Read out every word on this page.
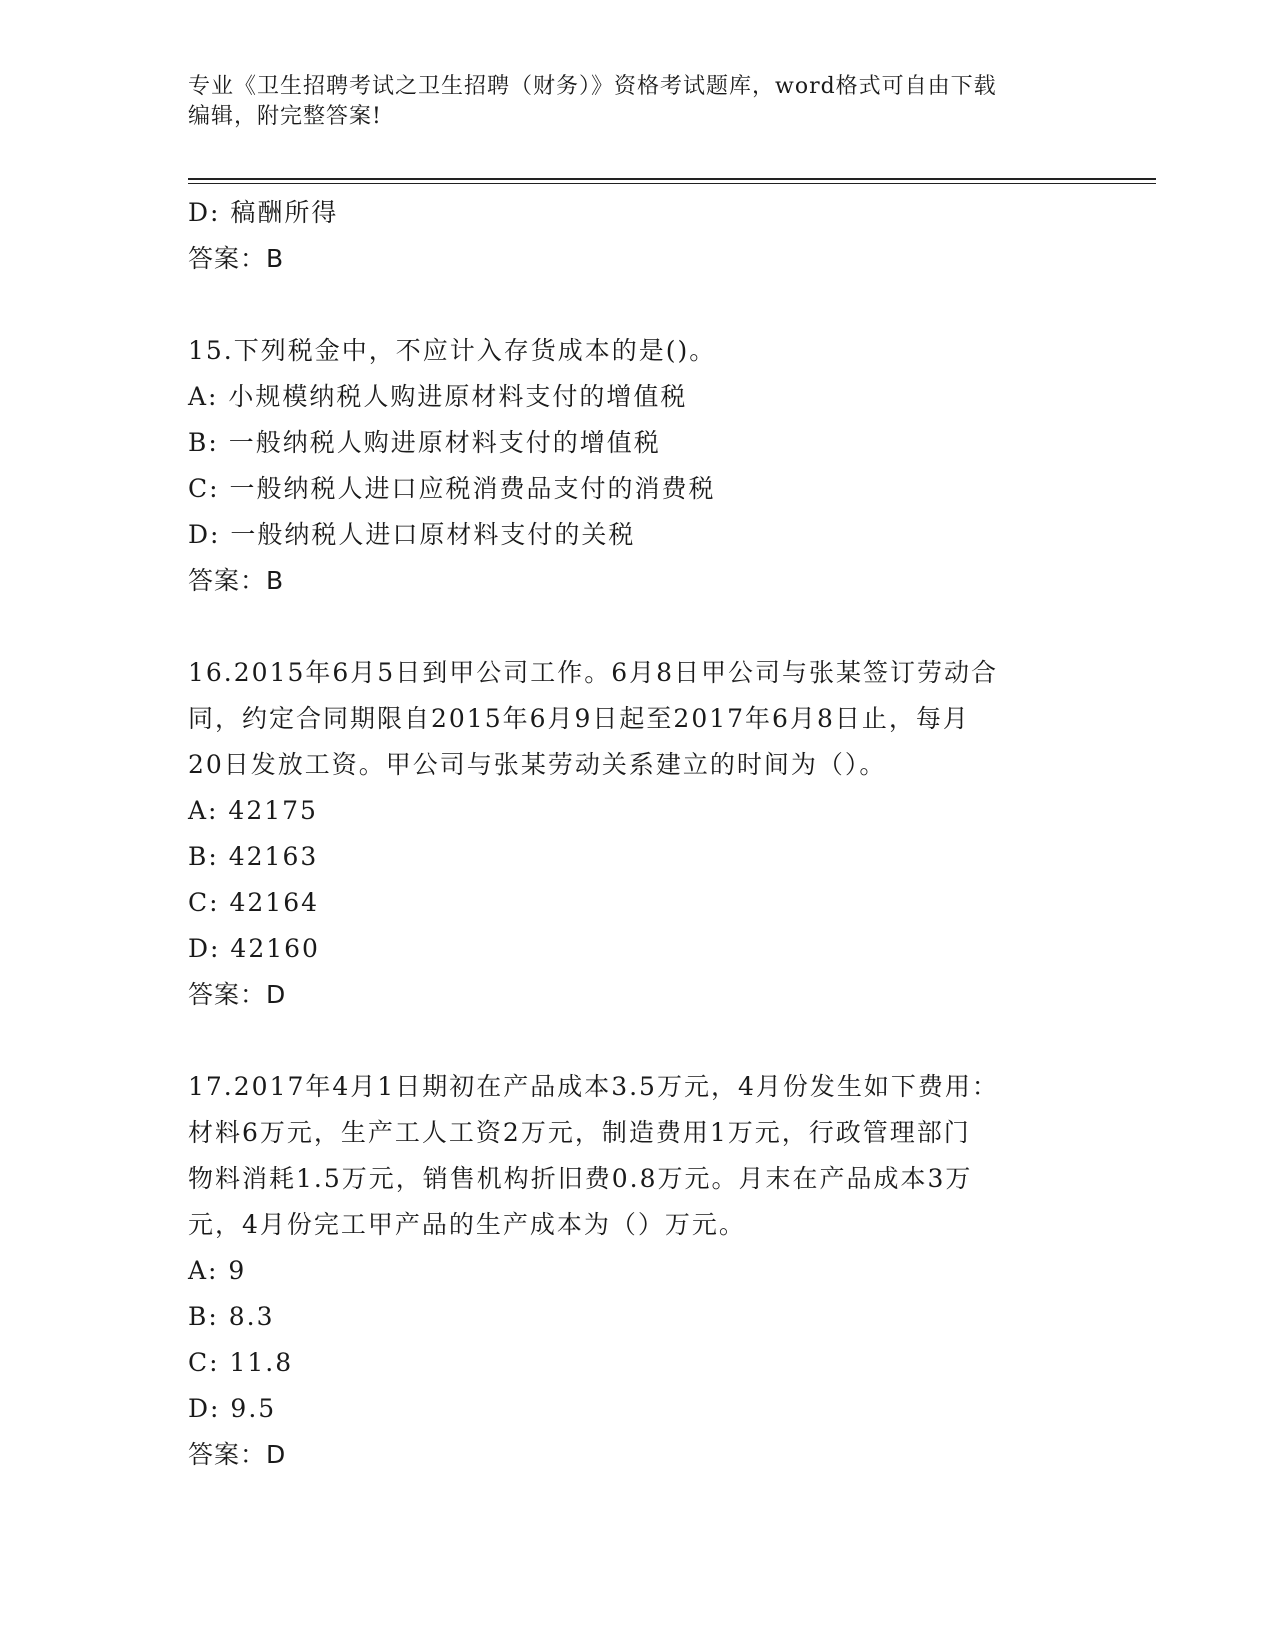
专业《卫生招聘考试之卫生招聘（财务）》资格考试题库，word格式可自由下载
编辑，附完整答案!
D: 稿酬所得
答案：B
15.下列税金中，不应计入存货成本的是()。
A: 小规模纳税人购进原材料支付的增值税
B: 一般纳税人购进原材料支付的增值税
C: 一般纳税人进口应税消费品支付的消费税
D: 一般纳税人进口原材料支付的关税
答案：B
16.2015年6月5日到甲公司工作。6月8日甲公司与张某签订劳动合
同，约定合同期限自2015年6月9日起至2017年6月8日止，每月
20日发放工资。甲公司与张某劳动关系建立的时间为（）。
A: 42175
B: 42163
C: 42164
D: 42160
答案：D
17.2017年4月1日期初在产品成本3.5万元，4月份发生如下费用：
材料6万元，生产工人工资2万元，制造费用1万元，行政管理部门
物料消耗1.5万元，销售机构折旧费0.8万元。月末在产品成本3万
元，4月份完工甲产品的生产成本为（）万元。
A: 9
B: 8.3
C: 11.8
D: 9.5
答案：D
